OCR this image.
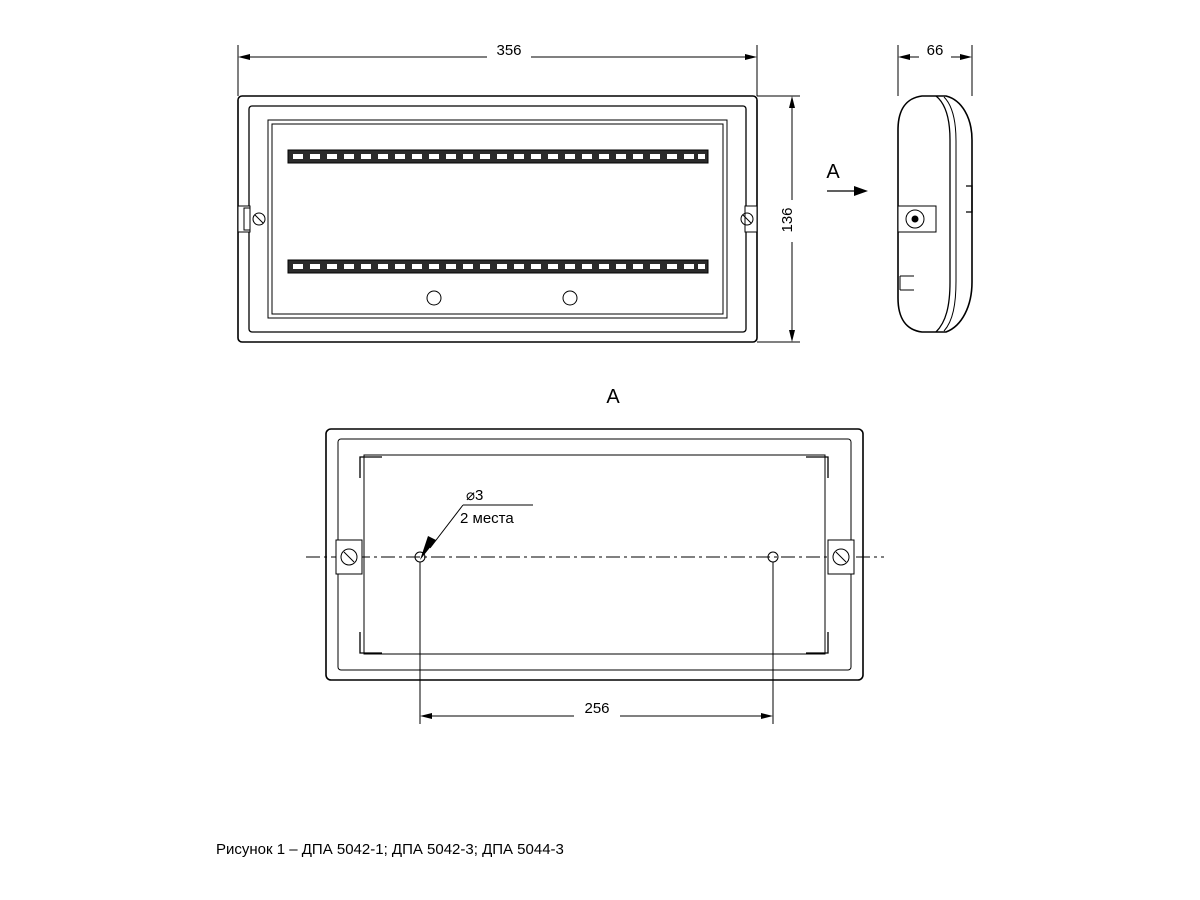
356
136
А
66
А
⌀3
2 места
256
Рисунок 1 – ДПА 5042-1; ДПА 5042-3; ДПА 5044-3
